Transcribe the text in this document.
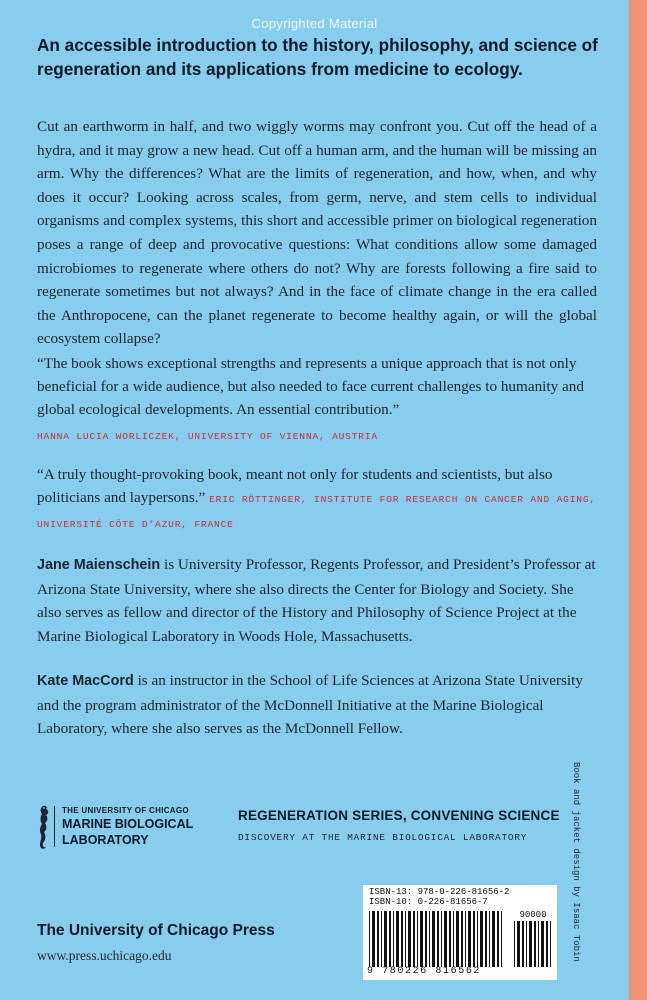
Copyrighted Material
An accessible introduction to the history, philosophy, and science of regeneration and its applications from medicine to ecology.
Cut an earthworm in half, and two wiggly worms may confront you. Cut off the head of a hydra, and it may grow a new head. Cut off a human arm, and the human will be missing an arm. Why the differences? What are the limits of regeneration, and how, when, and why does it occur? Looking across scales, from germ, nerve, and stem cells to individual organisms and complex systems, this short and accessible primer on biological regeneration poses a range of deep and provocative questions: What conditions allow some damaged microbiomes to regenerate where others do not? Why are forests following a fire said to regenerate sometimes but not always? And in the face of climate change in the era called the Anthropocene, can the planet regenerate to become healthy again, or will the global ecosystem collapse?
“The book shows exceptional strengths and represents a unique approach that is not only beneficial for a wide audience, but also needed to face current challenges to humanity and global ecological developments. An essential contribution.”
HANNA LUCIA WORLICZEK, UNIVERSITY OF VIENNA, AUSTRIA
“A truly thought-provoking book, meant not only for students and scientists, but also politicians and laypersons.” ERIC RÖTTINGER, INSTITUTE FOR RESEARCH ON CANCER AND AGING, UNIVERSITÉ CÔTE D’AZUR, FRANCE
Jane Maienschein is University Professor, Regents Professor, and President’s Professor at Arizona State University, where she also directs the Center for Biology and Society. She also serves as fellow and director of the History and Philosophy of Science Project at the Marine Biological Laboratory in Woods Hole, Massachusetts.
Kate MacCord is an instructor in the School of Life Sciences at Arizona State University and the program administrator of the McDonnell Initiative at the Marine Biological Laboratory, where she also serves as the McDonnell Fellow.
THE UNIVERSITY OF CHICAGO
MARINE BIOLOGICAL
LABORATORY
REGENERATION SERIES, CONVENING SCIENCE
DISCOVERY AT THE MARINE BIOLOGICAL LABORATORY
The University of Chicago Press
www.press.uchicago.edu	Book and jacket design by Isaac Tobin
ISBN-13: 978-0-226-81656-2
ISBN-10: 0-226-81656-7
90000
9 780226 816562
